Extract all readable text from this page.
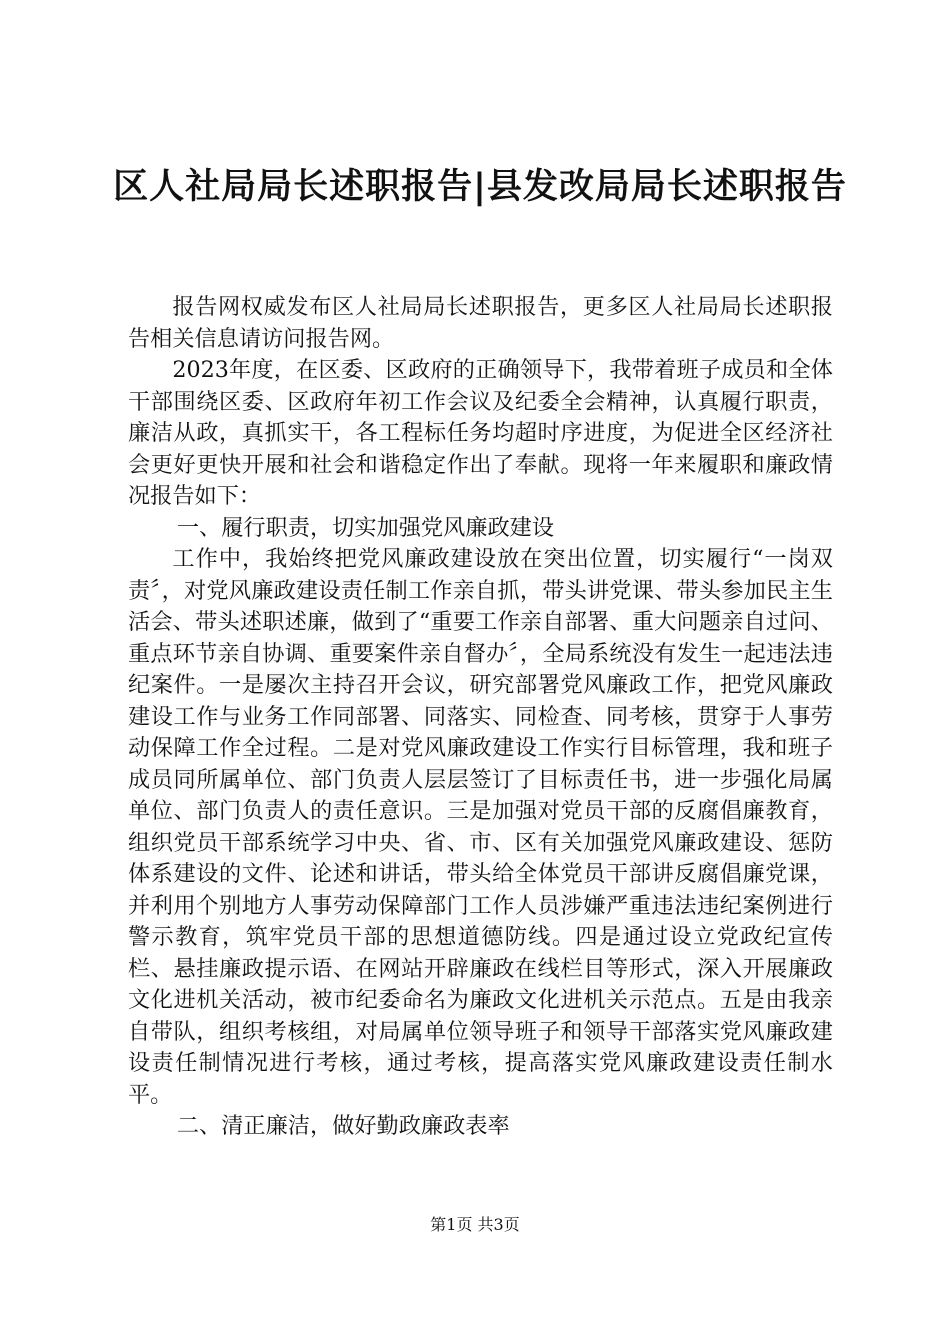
区人社局局长述职报告|县发改局局长述职报告

报告网权威发布区人社局局长述职报告，更多区人社局局长述职报告相关信息请访问报告网。

2023年度，在区委、区政府的正确领导下，我带着班子成员和全体干部围绕区委、区政府年初工作会议及纪委全会精神，认真履行职责，廉洁从政，真抓实干，各工程标任务均超时序进度，为促进全区经济社会更好更快开展和社会和谐稳定作出了奉献。现将一年来履职和廉政情况报告如下：

一、履行职责，切实加强党风廉政建设

工作中，我始终把党风廉政建设放在突出位置，切实履行“一岗双责〞，对党风廉政建设责任制工作亲自抓，带头讲党课、带头参加民主生活会、带头述职述廉，做到了“重要工作亲自部署、重大问题亲自过问、重点环节亲自协调、重要案件亲自督办〞，全局系统没有发生一起违法违纪案件。一是屡次主持召开会议，研究部署党风廉政工作，把党风廉政建设工作与业务工作同部署、同落实、同检查、同考核，贯穿于人事劳动保障工作全过程。二是对党风廉政建设工作实行目标管理，我和班子成员同所属单位、部门负责人层层签订了目标责任书，进一步强化局属单位、部门负责人的责任意识。三是加强对党员干部的反腐倡廉教育，组织党员干部系统学习中央、省、市、区有关加强党风廉政建设、惩防体系建设的文件、论述和讲话，带头给全体党员干部讲反腐倡廉党课，并利用个别地方人事劳动保障部门工作人员涉嫌严重违法违纪案例进行警示教育，筑牢党员干部的思想道德防线。四是通过设立党政纪宣传栏、悬挂廉政提示语、在网站开辟廉政在线栏目等形式，深入开展廉政文化进机关活动，被市纪委命名为廉政文化进机关示范点。五是由我亲自带队，组织考核组，对局属单位领导班子和领导干部落实党风廉政建设责任制情况进行考核，通过考核，提高落实党风廉政建设责任制水平。

二、清正廉洁，做好勤政廉政表率

第1页 共3页
